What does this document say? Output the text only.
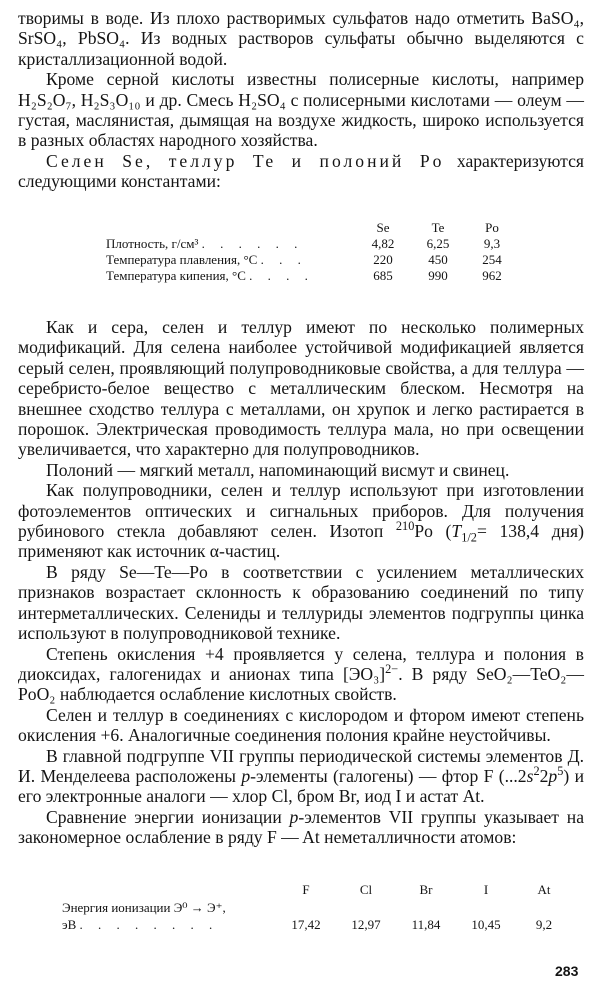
творимы в воде. Из плохо растворимых сульфатов надо отметить BaSO₄, SrSO₄, PbSO₄. Из водных растворов сульфаты обычно выделяются с кристаллизационной водой.

Кроме серной кислоты известны полисерные кислоты, например H₂S₂O₇, H₂S₃O₁₀ и др. Смесь H₂SO₄ с полисерными кислотами — олеум — густая, маслянистая, дымящая на воздухе жидкость, широко используется в разных областях народного хозяйства.

Селен Se, теллур Te и полоний Po характеризуются следующими константами:

	Se	Te	Po
Плотность, г/см³ . . . . . .	4,82	6,25	9,3
Температура плавления, °С . . .	220	450	254
Температура кипения, °С . . . .	685	990	962

Как и сера, селен и теллур имеют по несколько полимерных модификаций. Для селена наиболее устойчивой модификацией является серый селен, проявляющий полупроводниковые свойства, а для теллура — серебристо-белое вещество с металлическим блеском. Несмотря на внешнее сходство теллура с металлами, он хрупок и легко растирается в порошок. Электрическая проводимость теллура мала, но при освещении увеличивается, что характерно для полупроводников.

Полоний — мягкий металл, напоминающий висмут и свинец.

Как полупроводники, селен и теллур используют при изготовлении фотоэлементов оптических и сигнальных приборов. Для получения рубинового стекла добавляют селен. Изотоп $^{210}$Po ($T_{1/2}= 138,4$ дня) применяют как источник α-частиц.

В ряду Se—Te—Po в соответствии с усилением металлических признаков возрастает склонность к образованию соединений по типу интерметаллических. Селениды и теллуриды элементов подгруппы цинка используют в полупроводниковой технике.

Степень окисления +4 проявляется у селена, теллура и полония в диоксидах, галогенидах и анионах типа $[ЭO_3]^{2-}$. В ряду SeO₂—TeO₂—PoO₂ наблюдается ослабление кислотных свойств.

Селен и теллур в соединениях с кислородом и фтором имеют степень окисления +6. Аналогичные соединения полония крайне неустойчивы.

В главной подгруппе VII группы периодической системы элементов Д. И. Менделеева расположены p-элементы (галогены) — фтор F $(...2s^22p^5)$ и его электронные аналоги — хлор Cl, бром Br, иод I и астат At.

Сравнение энергии ионизации p-элементов VII группы указывает на закономерное ослабление в ряду F — At неметалличности атомов:

	F	Cl	Br	I	At
Энергия ионизации Э⁰ → Э⁺,					
эВ . . . . . . . .	17,42	12,97	11,84	10,45	9,2
283
